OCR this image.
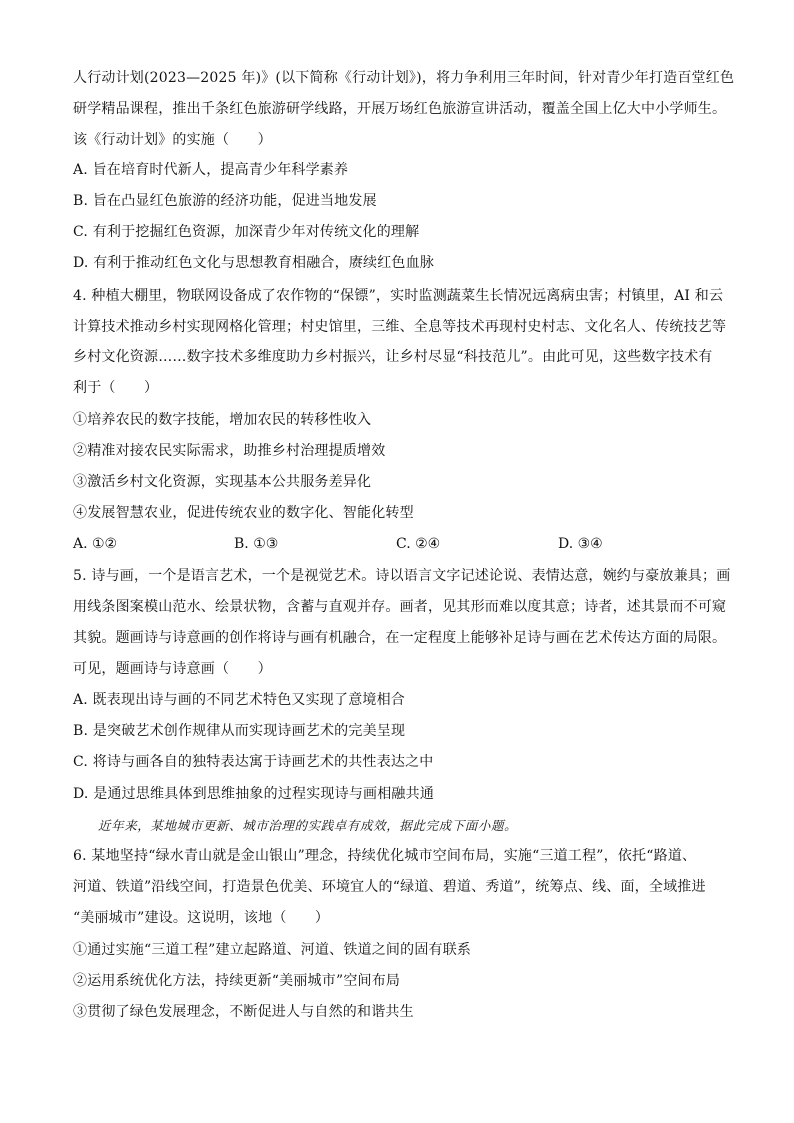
人行动计划(2023—2025 年)》(以下简称《行动计划》)，将力争利用三年时间，针对青少年打造百堂红色
研学精品课程，推出千条红色旅游研学线路，开展万场红色旅游宣讲活动，覆盖全国上亿大中小学师生。
该《行动计划》的实施（　　）
A. 旨在培育时代新人，提高青少年科学素养
B. 旨在凸显红色旅游的经济功能，促进当地发展
C. 有利于挖掘红色资源，加深青少年对传统文化的理解
D. 有利于推动红色文化与思想教育相融合，赓续红色血脉
4. 种植大棚里，物联网设备成了农作物的“保镖”，实时监测蔬菜生长情况远离病虫害；村镇里，AI 和云
计算技术推动乡村实现网格化管理；村史馆里，三维、全息等技术再现村史村志、文化名人、传统技艺等
乡村文化资源……数字技术多维度助力乡村振兴，让乡村尽显“科技范儿”。由此可见，这些数字技术有
利于（　　）
①培养农民的数字技能，增加农民的转移性收入
②精准对接农民实际需求，助推乡村治理提质增效
③激活乡村文化资源，实现基本公共服务差异化
④发展智慧农业，促进传统农业的数字化、智能化转型
A. ①②	B. ①③	C. ②④	D. ③④
5. 诗与画，一个是语言艺术，一个是视觉艺术。诗以语言文字记述论说、表情达意，婉约与豪放兼具；画
用线条图案模山范水、绘景状物，含蓄与直观并存。画者，见其形而难以度其意；诗者，述其景而不可窥
其貌。题画诗与诗意画的创作将诗与画有机融合，在一定程度上能够补足诗与画在艺术传达方面的局限。
可见，题画诗与诗意画（　　）
A. 既表现出诗与画的不同艺术特色又实现了意境相合
B. 是突破艺术创作规律从而实现诗画艺术的完美呈现
C. 将诗与画各自的独特表达寓于诗画艺术的共性表达之中
D. 是通过思维具体到思维抽象的过程实现诗与画相融共通
近年来，某地城市更新、城市治理的实践卓有成效，据此完成下面小题。
6. 某地坚持“绿水青山就是金山银山”理念，持续优化城市空间布局，实施“三道工程”，依托“路道、
河道、铁道”沿线空间，打造景色优美、环境宜人的“绿道、碧道、秀道”，统筹点、线、面，全域推进
“美丽城市”建设。这说明，该地（　　）
①通过实施“三道工程”建立起路道、河道、铁道之间的固有联系
②运用系统优化方法，持续更新“美丽城市”空间布局
③贯彻了绿色发展理念，不断促进人与自然的和谐共生
